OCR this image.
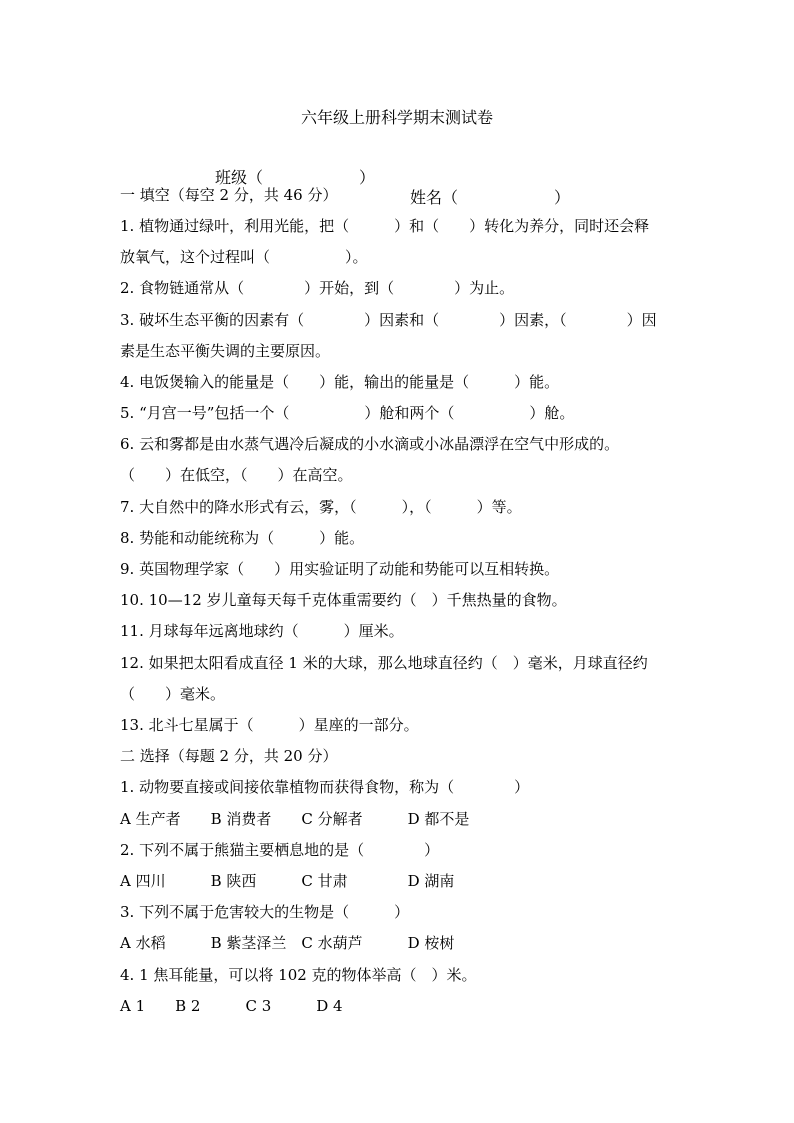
六年级上册科学期末测试卷

班级（　　　　　　）

姓名（　　　　　　）

一 填空（每空 2 分，共 46 分）
1. 植物通过绿叶，利用光能，把（　　　）和（　　）转化为养分，同时还会释
放氧气，这个过程叫（　　　　　）。
2. 食物链通常从（　　　　）开始，到（　　　　）为止。
3. 破坏生态平衡的因素有（　　　　）因素和（　　　　）因素，（　　　　）因
素是生态平衡失调的主要原因。
4. 电饭煲输入的能量是（　　）能，输出的能量是（　　　）能。
5. “月宫一号”包括一个（　　　　　）舱和两个（　　　　　）舱。
6. 云和雾都是由水蒸气遇冷后凝成的小水滴或小冰晶漂浮在空气中形成的。
（　　）在低空，（　　）在高空。
7. 大自然中的降水形式有云，雾，（　　　），（　　　）等。
8. 势能和动能统称为（　　　）能。
9. 英国物理学家（　　）用实验证明了动能和势能可以互相转换。
10. 10—12 岁儿童每天每千克体重需要约（　）千焦热量的食物。
11. 月球每年远离地球约（　　　）厘米。
12. 如果把太阳看成直径 1 米的大球，那么地球直径约（　）毫米，月球直径约
（　　）毫米。
13. 北斗七星属于（　　　）星座的一部分。
二 选择（每题 2 分，共 20 分）
1. 动物要直接或间接依靠植物而获得食物，称为（　　　　）
A 生产者　　B 消费者　　C 分解者　　　D 都不是
2. 下列不属于熊猫主要栖息地的是（　　　　）
A 四川　　　B 陕西　　　C 甘肃　　　　D 湖南
3. 下列不属于危害较大的生物是（　　　）
A 水稻　　　B 紫茎泽兰　C 水葫芦　　　D 桉树
4. 1 焦耳能量，可以将 102 克的物体举高（　）米。
A 1　　B 2　　　C 3　　　D 4
